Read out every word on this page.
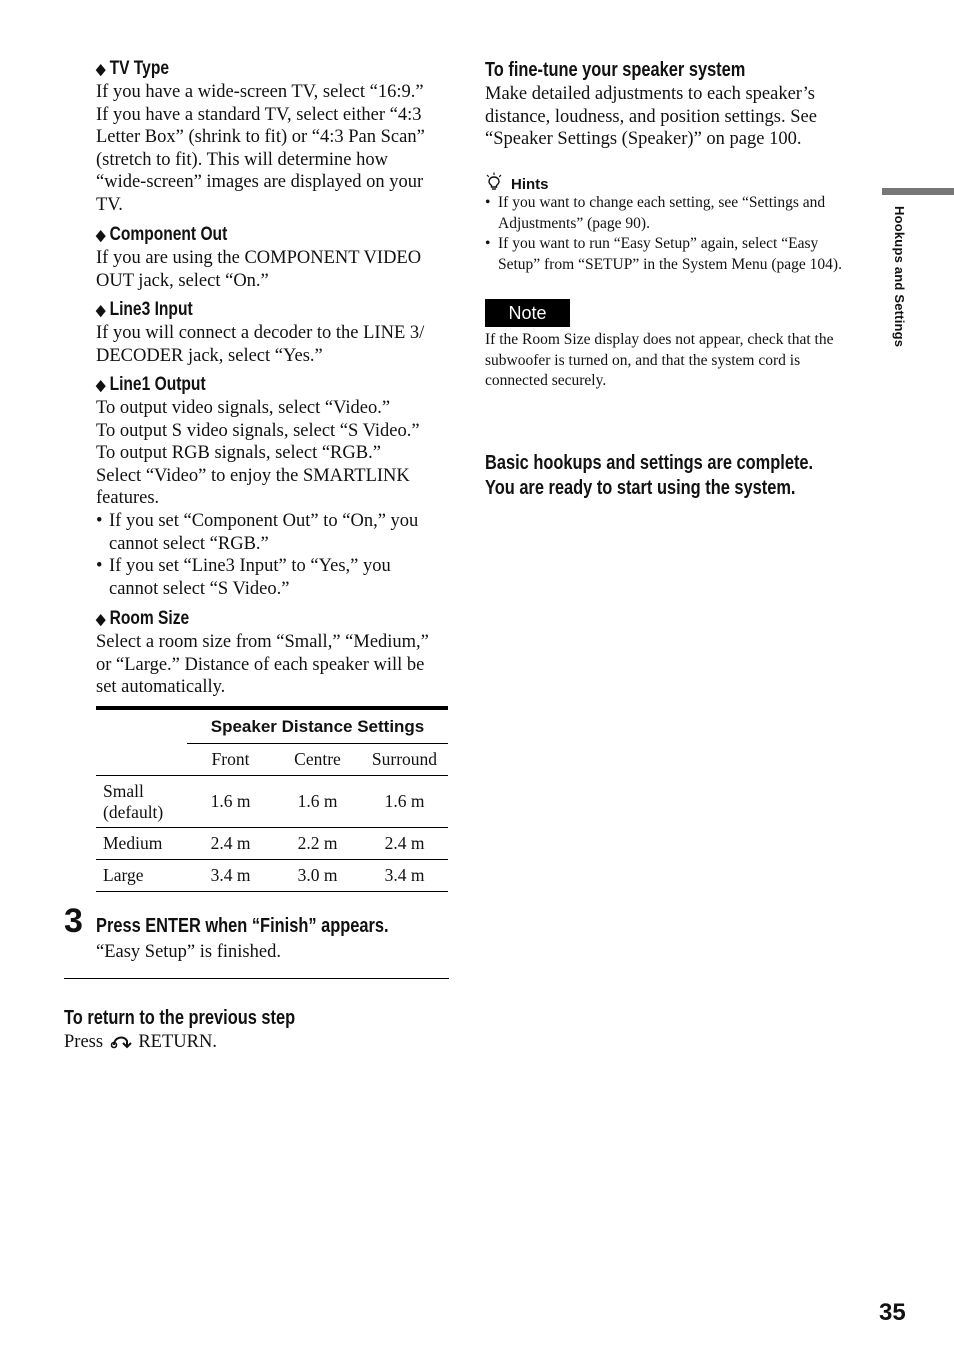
◆ TV Type

If you have a wide-screen TV, select “16:9.”

If you have a standard TV, select either “4:3

Letter Box” (shrink to fit) or “4:3 Pan Scan”

(stretch to fit). This will determine how

“wide-screen” images are displayed on your

TV.

◆ Component Out

If you are using the COMPONENT VIDEO

OUT jack, select “On.”

◆ Line3 Input

If you will connect a decoder to the LINE 3/

DECODER jack, select “Yes.”

◆ Line1 Output

To output video signals, select “Video.”

To output S video signals, select “S Video.”

To output RGB signals, select “RGB.”

Select “Video” to enjoy the SMARTLINK

features.

• If you set “Component Out” to “On,” you

cannot select “RGB.”

• If you set “Line3 Input” to “Yes,” you

cannot select “S Video.”

◆ Room Size

Select a room size from “Small,” “Medium,”

or “Large.” Distance of each speaker will be

set automatically.

	Speaker Distance Settings		
	Front	Centre	Surround

Small
(default)	1.6 m	1.6 m	1.6 m
Medium	2.4 m	2.2 m	2.4 m
Large	3.4 m	3.0 m	3.4 m
3 Press ENTER when “Finish” appears.
“Easy Setup” is finished.
To return to the previous step
Press RETURN.
To fine-tune your speaker system

Make detailed adjustments to each speaker’s

distance, loudness, and position settings. See

“Speaker Settings (Speaker)” on page 100.

Hints
• If you want to change each setting, see “Settings and
Adjustments” (page 90).
• If you want to run “Easy Setup” again, select “Easy
Setup” from “SETUP” in the System Menu (page 104).
Note
If the Room Size display does not appear, check that the
subwoofer is turned on, and that the system cord is
connected securely.
Basic hookups and settings are complete.
You are ready to start using the system.
Hookups and Settings
35
